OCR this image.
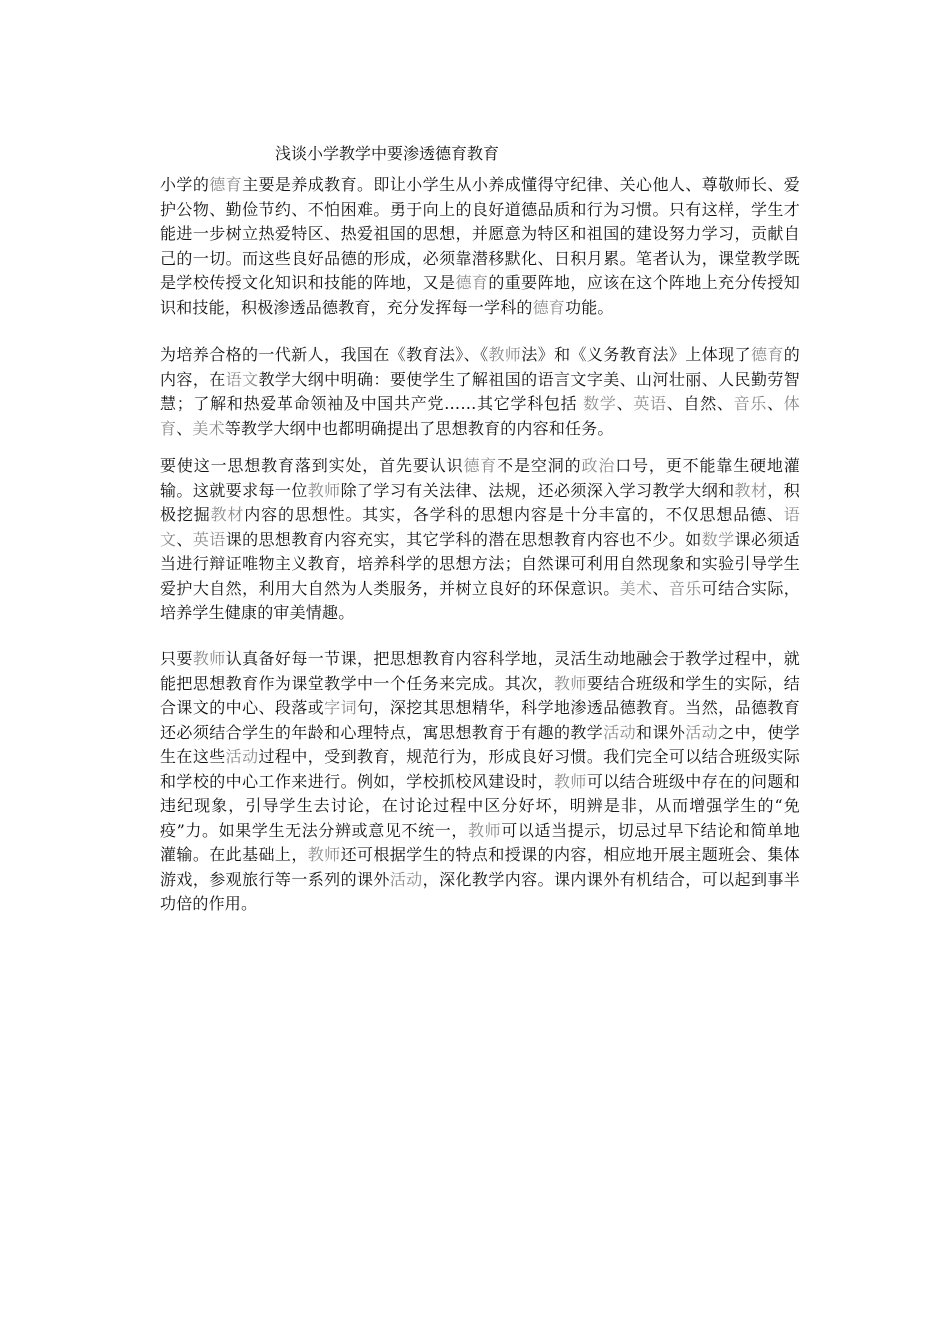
浅谈小学教学中要渗透德育教育

小学的德育主要是养成教育。即让小学生从小养成懂得守纪律、关心他人、尊敬师长、爱护公物、勤俭节约、不怕困难。勇于向上的良好道德品质和行为习惯。只有这样，学生才能进一步树立热爱特区、热爱祖国的思想，并愿意为特区和祖国的建设努力学习，贡献自己的一切。而这些良好品德的形成，必须靠潜移默化、日积月累。笔者认为，课堂教学既是学校传授文化知识和技能的阵地，又是德育的重要阵地，应该在这个阵地上充分传授知识和技能，积极渗透品德教育，充分发挥每一学科的德育功能。

为培养合格的一代新人，我国在《教育法》、《教师法》和《义务教育法》上体现了德育的内容，在语文教学大纲中明确：要使学生了解祖国的语言文字美、山河壮丽、人民勤劳智慧；了解和热爱革命领袖及中国共产党……其它学科包括 数学、英语、自然、音乐、体育、美术等教学大纲中也都明确提出了思想教育的内容和任务。

要使这一思想教育落到实处，首先要认识德育不是空洞的政治口号，更不能靠生硬地灌输。这就要求每一位教师除了学习有关法律、法规，还必须深入学习教学大纲和教材，积极挖掘教材内容的思想性。其实，各学科的思想内容是十分丰富的，不仅思想品德、语文、英语课的思想教育内容充实，其它学科的潜在思想教育内容也不少。如数学课必须适当进行辩证唯物主义教育，培养科学的思想方法；自然课可利用自然现象和实验引导学生爱护大自然，利用大自然为人类服务，并树立良好的环保意识。美术、音乐可结合实际，培养学生健康的审美情趣。

只要教师认真备好每一节课，把思想教育内容科学地，灵活生动地融会于教学过程中，就能把思想教育作为课堂教学中一个任务来完成。其次，教师要结合班级和学生的实际，结合课文的中心、段落或字词句，深挖其思想精华，科学地渗透品德教育。当然，品德教育还必须结合学生的年龄和心理特点，寓思想教育于有趣的教学活动和课外活动之中，使学生在这些活动过程中，受到教育，规范行为，形成良好习惯。我们完全可以结合班级实际和学校的中心工作来进行。例如，学校抓校风建设时，教师可以结合班级中存在的问题和违纪现象，引导学生去讨论，在讨论过程中区分好坏，明辨是非，从而增强学生的“免疫”力。如果学生无法分辨或意见不统一，教师可以适当提示，切忌过早下结论和简单地灌输。在此基础上，教师还可根据学生的特点和授课的内容，相应地开展主题班会、集体游戏，参观旅行等一系列的课外活动，深化教学内容。课内课外有机结合，可以起到事半功倍的作用。
